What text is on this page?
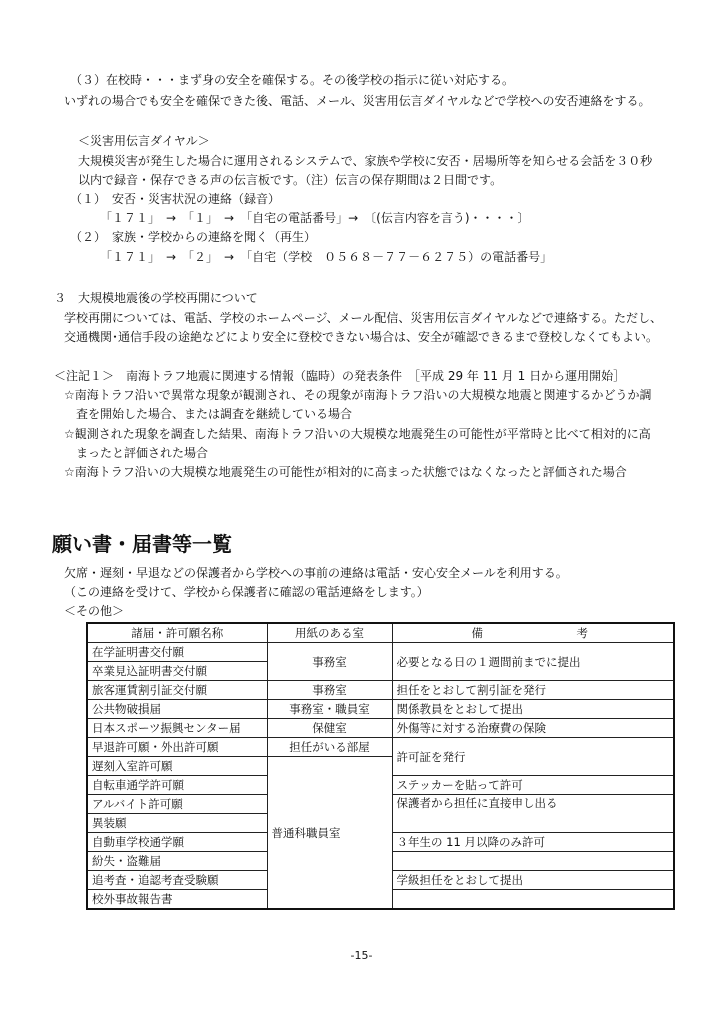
（３）在校時・・・まず身の安全を確保する。その後学校の指示に従い対応する。
いずれの場合でも安全を確保できた後、電話、メール、災害用伝言ダイヤルなどで学校への安否連絡をする。
＜災害用伝言ダイヤル＞
大規模災害が発生した場合に運用されるシステムで、家族や学校に安否・居場所等を知らせる会話を３０秒
以内で録音・保存できる声の伝言板です。（注）伝言の保存期間は２日間です。
（１）　安否・災害状況の連絡（録音）
「１７１」　→　「１」　→　「自宅の電話番号」→　〔(伝言内容を言う)・・・・〕
（２）　家族・学校からの連絡を聞く（再生）
「１７１」　→　「２」　→　「自宅（学校　０５６８－７７－６２７５）の電話番号」
３　大規模地震後の学校再開について
学校再開については、電話、学校のホームページ、メール配信、災害用伝言ダイヤルなどで連絡する。ただし、
交通機関･通信手段の途絶などにより安全に登校できない場合は、安全が確認できるまで登校しなくてもよい。
＜注記１＞　南海トラフ地震に関連する情報（臨時）の発表条件　［平成 29 年 11 月 1 日から運用開始］
☆南海トラフ沿いで異常な現象が観測され、その現象が南海トラフ沿いの大規模な地震と関連するかどうか調
査を開始した場合、または調査を継続している場合
☆観測された現象を調査した結果、南海トラフ沿いの大規模な地震発生の可能性が平常時と比べて相対的に高
まったと評価された場合
☆南海トラフ沿いの大規模な地震発生の可能性が相対的に高まった状態ではなくなったと評価された場合
願い書・届書等一覧
欠席・遅刻・早退などの保護者から学校への事前の連絡は電話・安心安全メールを利用する。
（この連絡を受けて、学校から保護者に確認の電話連絡をします。）
＜その他＞
諸届・許可願名称	用紙のある室	備　　　　　考
在学証明書交付願	事務室	必要となる日の１週間前までに提出
卒業見込証明書交付願		
旅客運賃割引証交付願	事務室	担任をとおして割引証を発行
公共物破損届	事務室・職員室	関係教員をとおして提出
日本スポーツ振興センター届	保健室	外傷等に対する治療費の保険
早退許可願・外出許可願	担任がいる部屋	許可証を発行
遅刻入室許可願	普通科職員室	
自転車通学許可願		ステッカーを貼って許可
アルバイト許可願		保護者から担任に直接申し出る
異装願		
自動車学校通学願		３年生の 11 月以降のみ許可
紛失・盗難届		
追考査・追認考査受験願		学級担任をとおして提出
校外事故報告書		
-15-
